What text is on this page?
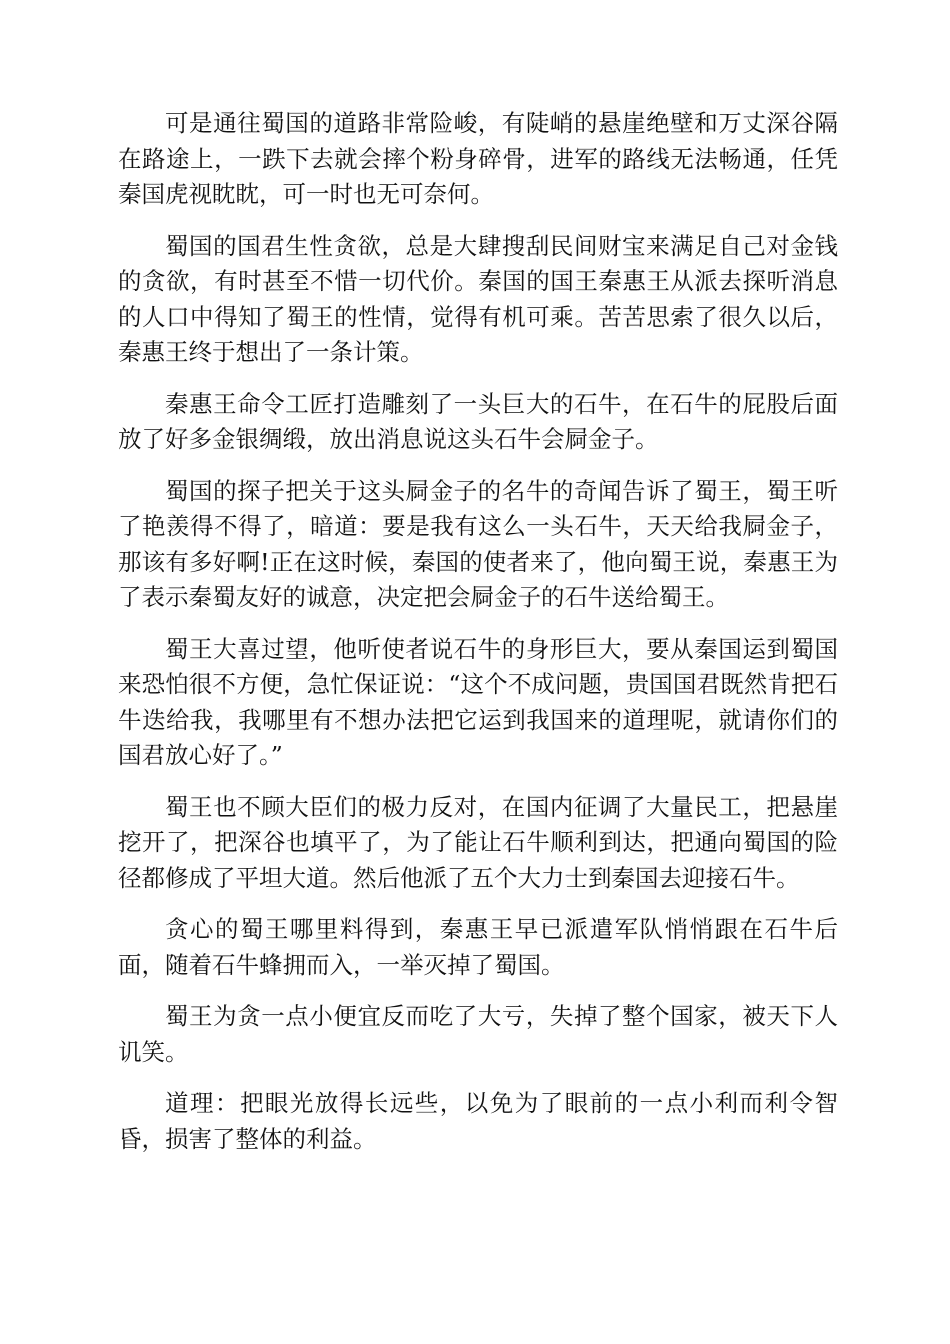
可是通往蜀国的道路非常险峻，有陡峭的悬崖绝壁和万丈深谷隔在路途上，一跌下去就会摔个粉身碎骨，进军的路线无法畅通，任凭秦国虎视眈眈，可一时也无可奈何。

蜀国的国君生性贪欲，总是大肆搜刮民间财宝来满足自己对金钱的贪欲，有时甚至不惜一切代价。秦国的国王秦惠王从派去探听消息的人口中得知了蜀王的性情，觉得有机可乘。苦苦思索了很久以后，秦惠王终于想出了一条计策。

秦惠王命令工匠打造雕刻了一头巨大的石牛，在石牛的屁股后面放了好多金银绸缎，放出消息说这头石牛会屙金子。

蜀国的探子把关于这头屙金子的名牛的奇闻告诉了蜀王，蜀王听了艳羡得不得了，暗道：要是我有这么一头石牛，天天给我屙金子，那该有多好啊!正在这时候，秦国的使者来了，他向蜀王说，秦惠王为了表示秦蜀友好的诚意，决定把会屙金子的石牛送给蜀王。

蜀王大喜过望，他听使者说石牛的身形巨大，要从秦国运到蜀国来恐怕很不方便，急忙保证说：“这个不成问题，贵国国君既然肯把石牛迭给我，我哪里有不想办法把它运到我国来的道理呢，就请你们的国君放心好了。”

蜀王也不顾大臣们的极力反对，在国内征调了大量民工，把悬崖挖开了，把深谷也填平了，为了能让石牛顺利到达，把通向蜀国的险径都修成了平坦大道。然后他派了五个大力士到秦国去迎接石牛。

贪心的蜀王哪里料得到，秦惠王早已派遣军队悄悄跟在石牛后面，随着石牛蜂拥而入，一举灭掉了蜀国。

蜀王为贪一点小便宜反而吃了大亏，失掉了整个国家，被天下人讥笑。

道理：把眼光放得长远些，以免为了眼前的一点小利而利令智昏，损害了整体的利益。
